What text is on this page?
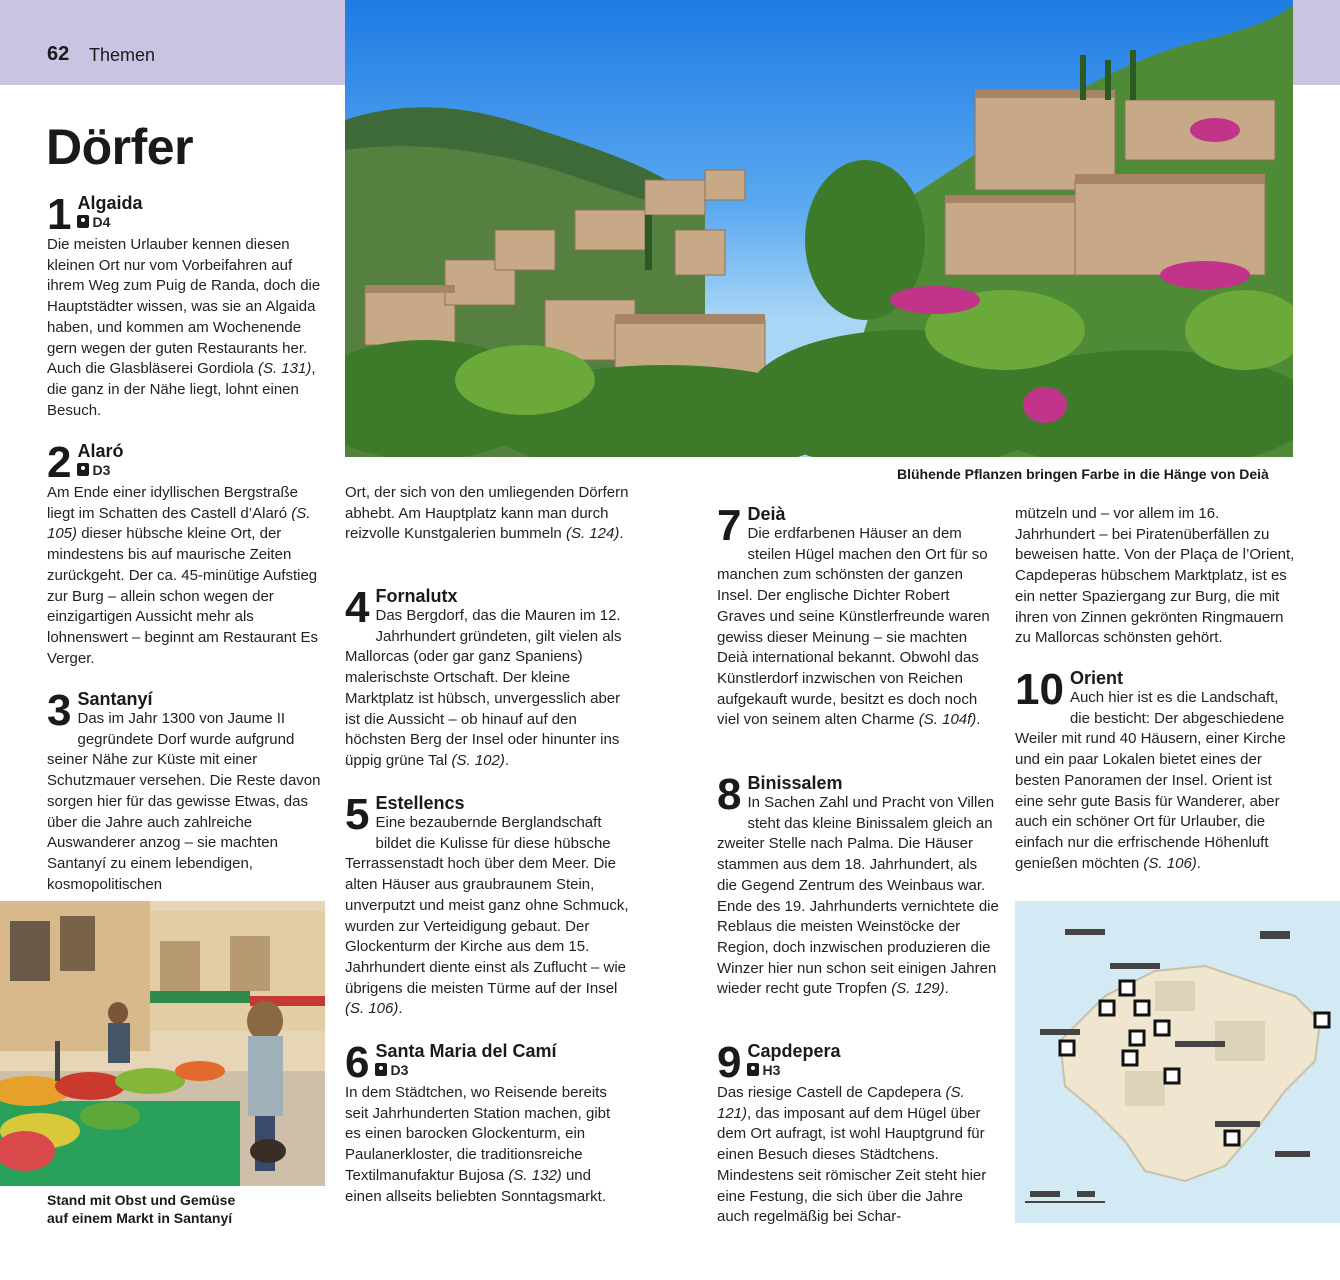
62 Themen
Blühende Pflanzen bringen Farbe in die Hänge von Deià
Stand mit Obst und Gemüse
auf einem Markt in Santanyí
Dörfer
1 Algaida
D4
Die meisten Urlauber kennen diesen kleinen Ort nur vom Vorbeifahren auf ihrem Weg zum Puig de Randa, doch die Hauptstädter wissen, was sie an Algaida haben, und kommen am Wochenende gern wegen der guten Restaurants her. Auch die Glasbläserei Gordiola (S. 131), die ganz in der Nähe liegt, lohnt einen Besuch.
2 Alaró
D3
Am Ende einer idyllischen Bergstraße liegt im Schatten des Castell d’Alaró (S. 105) dieser hübsche kleine Ort, der mindestens bis auf maurische Zeiten zurückgeht. Der ca. 45-minütige Aufstieg zur Burg – allein schon wegen der einzigartigen Aussicht mehr als lohnenswert – beginnt am Restaurant Es Verger.
3 Santanyí
Das im Jahr 1300 von Jaume II gegründete Dorf wurde aufgrund seiner Nähe zur Küste mit einer Schutzmauer versehen. Die Reste davon sorgen hier für das gewisse Etwas, das über die Jahre auch zahlreiche Auswanderer anzog – sie machten Santanyí zu einem lebendigen, kosmopolitischen
Ort, der sich von den umliegenden Dörfern abhebt. Am Hauptplatz kann man durch reizvolle Kunstgalerien bummeln (S. 124).
4 Fornalutx
Das Bergdorf, das die Mauren im 12. Jahrhundert gründeten, gilt vielen als Mallorcas (oder gar ganz Spaniens) malerischste Ortschaft. Der kleine Marktplatz ist hübsch, unvergesslich aber ist die Aussicht – ob hinauf auf den höchsten Berg der Insel oder hinunter ins üppig grüne Tal (S. 102).
5 Estellencs
Eine bezaubernde Berglandschaft bildet die Kulisse für diese hübsche Terrassenstadt hoch über dem Meer. Die alten Häuser aus graubraunem Stein, unverputzt und meist ganz ohne Schmuck, wurden zur Verteidigung gebaut. Der Glockenturm der Kirche aus dem 15. Jahrhundert diente einst als Zuflucht – wie übrigens die meisten Türme auf der Insel (S. 106).
6 Santa Maria del Camí
D3
In dem Städtchen, wo Reisende bereits seit Jahrhunderten Station machen, gibt es einen barocken Glockenturm, ein Paulanerkloster, die traditionsreiche Textilmanufaktur Bujosa (S. 132) und einen allseits beliebten Sonntagsmarkt.
7 Deià
Die erdfarbenen Häuser an dem steilen Hügel machen den Ort für so manchen zum schönsten der ganzen Insel. Der englische Dichter Robert Graves und seine Künstlerfreunde waren gewiss dieser Meinung – sie machten Deià international bekannt. Obwohl das Künstlerdorf inzwischen von Reichen aufgekauft wurde, besitzt es doch noch viel von seinem alten Charme (S. 104f).
8 Binissalem
In Sachen Zahl und Pracht von Villen steht das kleine Binissalem gleich an zweiter Stelle nach Palma. Die Häuser stammen aus dem 18. Jahrhundert, als die Gegend Zentrum des Weinbaus war. Ende des 19. Jahrhunderts vernichtete die Reblaus die meisten Weinstöcke der Region, doch inzwischen produzieren die Winzer hier nun schon seit einigen Jahren wieder recht gute Tropfen (S. 129).
9 Capdepera
H3
Das riesige Castell de Capdepera (S. 121), das imposant auf dem Hügel über dem Ort aufragt, ist wohl Hauptgrund für einen Besuch dieses Städtchens. Mindestens seit römischer Zeit steht hier eine Festung, die sich über die Jahre auch regelmäßig bei Schar-
mützeln und – vor allem im 16. Jahrhundert – bei Piratenüberfällen zu beweisen hatte. Von der Plaça de l’Orient, Capdeperas hübschem Marktplatz, ist es ein netter Spaziergang zur Burg, die mit ihren von Zinnen gekrönten Ringmauern zu Mallorcas schönsten gehört.
10 Orient
Auch hier ist es die Landschaft, die besticht: Der abgeschiedene Weiler mit rund 40 Häusern, einer Kirche und ein paar Lokalen bietet eines der besten Panoramen der Insel. Orient ist eine sehr gute Basis für Wanderer, aber auch ein schöner Ort für Urlauber, die einfach nur die erfrischende Höhenluft genießen möchten (S. 106).
